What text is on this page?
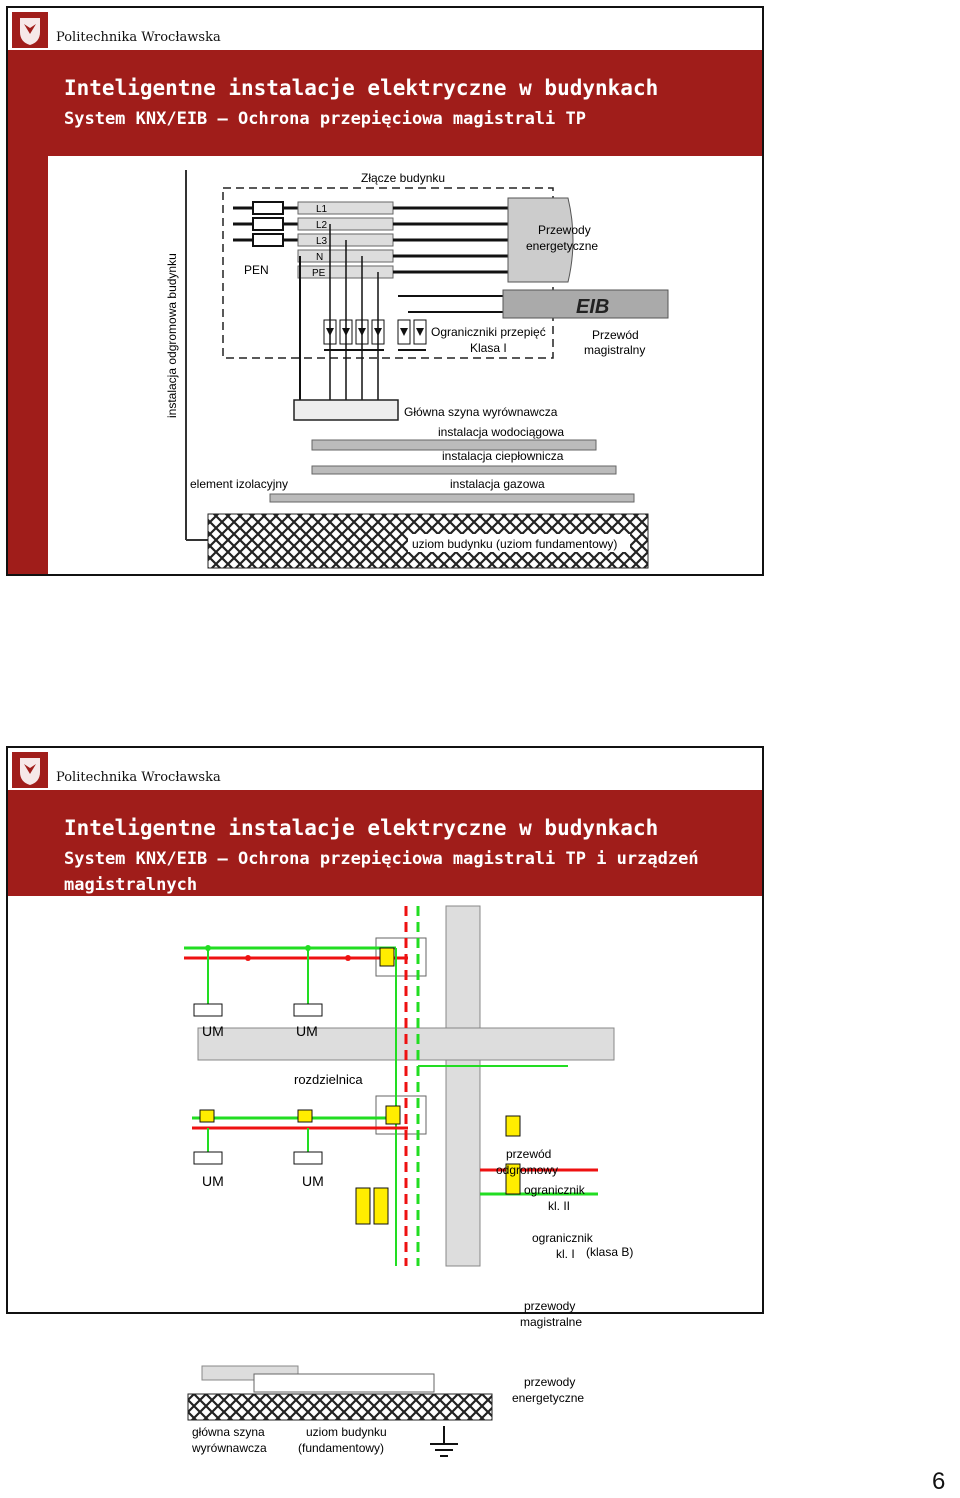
Politechnika Wrocławska
Inteligentne instalacje elektryczne w budynkach
System KNX/EIB – Ochrona przepięciowa magistrali TP
instalacja odgromowa budynku
Złącze budynku
PEN
L1
L2
L3
N
PE
Przewody
energetyczne
EIB
Przewód
magistralny
Ograniczniki przepięć
Klasa I
Główna szyna wyrównawcza
instalacja wodociągowa
instalacja ciepłownicza
instalacja gazowa
element izolacyjny
uziom budynku (uziom fundamentowy)
Politechnika Wrocławska
Inteligentne instalacje elektryczne w budynkach
System KNX/EIB – Ochrona przepięciowa magistrali TP i urządzeń magistralnych
UM	UM
rozdzielnica
UM	UM
przewód
odgromowy
ogranicznik
kl. II
ogranicznik
kl. I (klasa B)
przewody
magistralne
główna szyna
wyrównawcza
uziom budynku
(fundamentowy)
przewody
energetyczne
6
